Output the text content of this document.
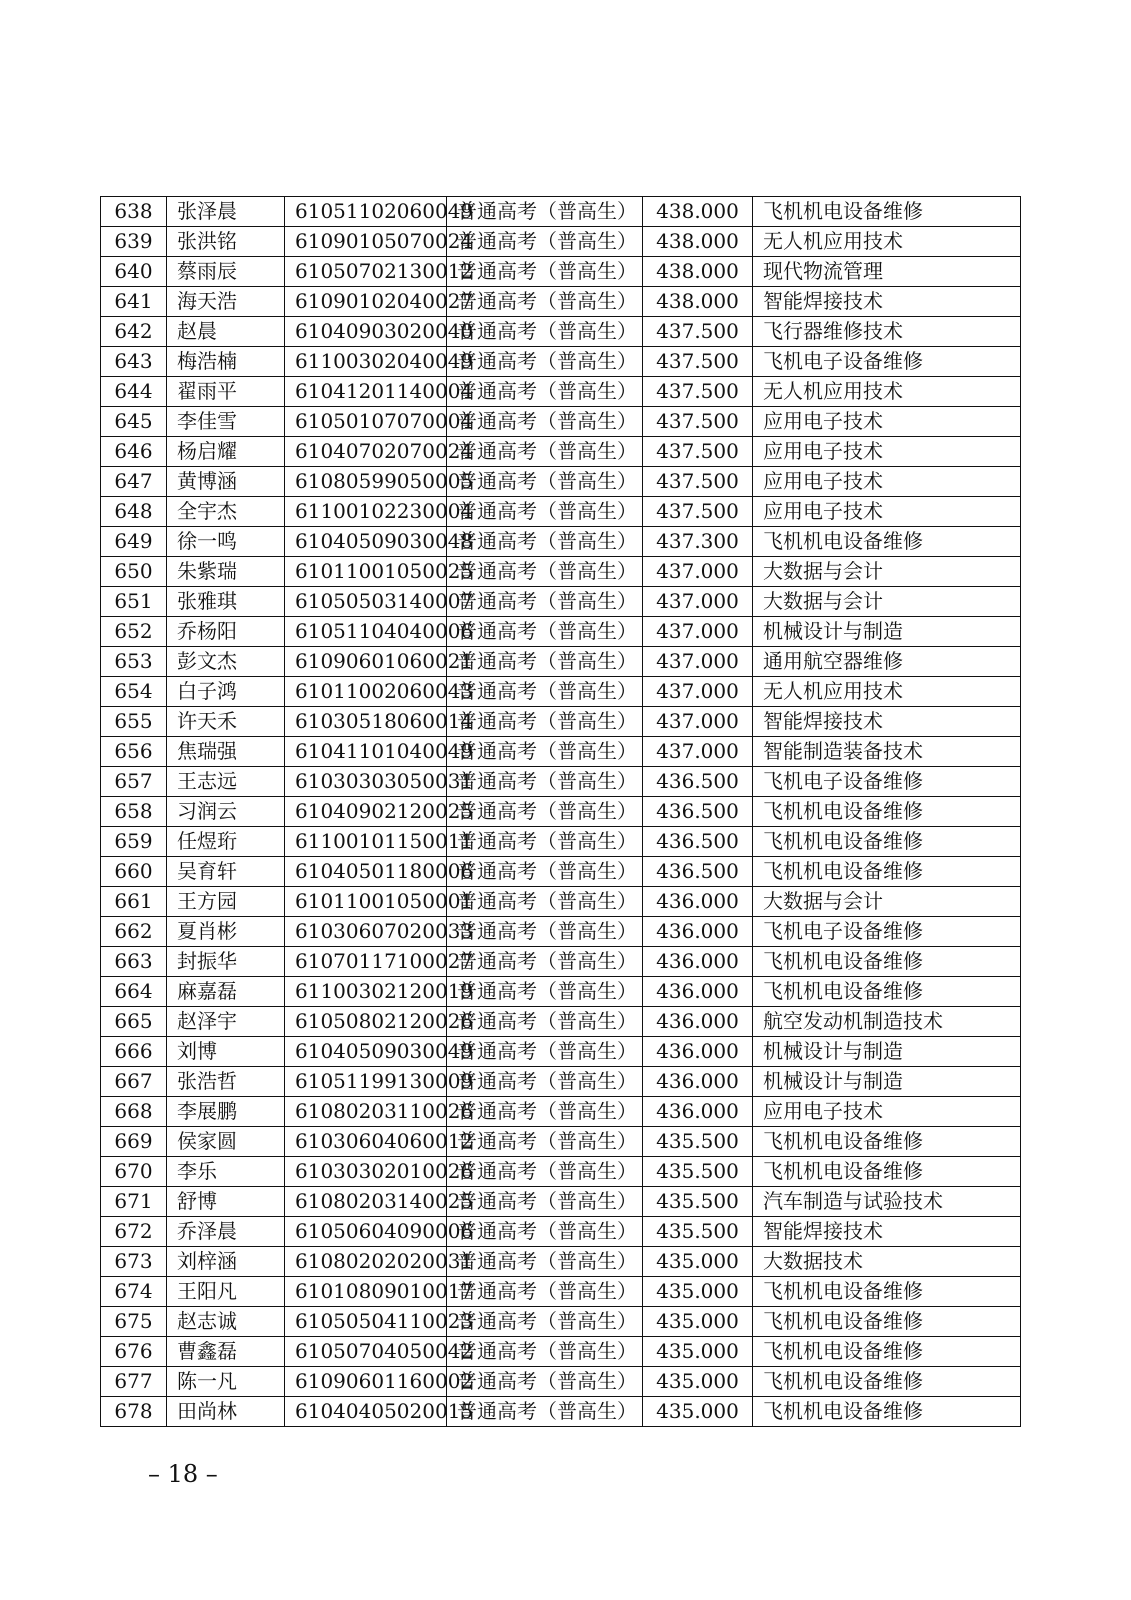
638	张泽晨	61051102060049	普通高考（普高生）	438.000	飞机机电设备维修
639	张洪铭	61090105070024	普通高考（普高生）	438.000	无人机应用技术
640	蔡雨辰	61050702130012	普通高考（普高生）	438.000	现代物流管理
641	海天浩	61090102040027	普通高考（普高生）	438.000	智能焊接技术
642	赵晨	61040903020040	普通高考（普高生）	437.500	飞行器维修技术
643	梅浩楠	61100302040049	普通高考（普高生）	437.500	飞机电子设备维修
644	翟雨平	61041201140004	普通高考（普高生）	437.500	无人机应用技术
645	李佳雪	61050107070004	普通高考（普高生）	437.500	应用电子技术
646	杨启耀	61040702070024	普通高考（普高生）	437.500	应用电子技术
647	黄博涵	61080599050005	普通高考（普高生）	437.500	应用电子技术
648	全宇杰	61100102230004	普通高考（普高生）	437.500	应用电子技术
649	徐一鸣	61040509030048	普通高考（普高生）	437.300	飞机机电设备维修
650	朱紫瑞	61011001050025	普通高考（普高生）	437.000	大数据与会计
651	张雅琪	61050503140007	普通高考（普高生）	437.000	大数据与会计
652	乔杨阳	61051104040006	普通高考（普高生）	437.000	机械设计与制造
653	彭文杰	61090601060021	普通高考（普高生）	437.000	通用航空器维修
654	白子鸿	61011002060043	普通高考（普高生）	437.000	无人机应用技术
655	许天禾	61030518060014	普通高考（普高生）	437.000	智能焊接技术
656	焦瑞强	61041101040049	普通高考（普高生）	437.000	智能制造装备技术
657	王志远	61030303050031	普通高考（普高生）	436.500	飞机电子设备维修
658	习润云	61040902120025	普通高考（普高生）	436.500	飞机机电设备维修
659	任煜珩	61100101150011	普通高考（普高生）	436.500	飞机机电设备维修
660	吴育轩	61040501180006	普通高考（普高生）	436.500	飞机机电设备维修
661	王方园	61011001050001	普通高考（普高生）	436.000	大数据与会计
662	夏肖彬	61030607020033	普通高考（普高生）	436.000	飞机电子设备维修
663	封振华	61070117100027	普通高考（普高生）	436.000	飞机机电设备维修
664	麻嘉磊	61100302120019	普通高考（普高生）	436.000	飞机机电设备维修
665	赵泽宇	61050802120026	普通高考（普高生）	436.000	航空发动机制造技术
666	刘博	61040509030049	普通高考（普高生）	436.000	机械设计与制造
667	张浩哲	61051199130009	普通高考（普高生）	436.000	机械设计与制造
668	李展鹏	61080203110026	普通高考（普高生）	436.000	应用电子技术
669	侯家圆	61030604060012	普通高考（普高生）	435.500	飞机机电设备维修
670	李乐	61030302010026	普通高考（普高生）	435.500	飞机机电设备维修
671	舒博	61080203140025	普通高考（普高生）	435.500	汽车制造与试验技术
672	乔泽晨	61050604090006	普通高考（普高生）	435.500	智能焊接技术
673	刘梓涵	61080202020031	普通高考（普高生）	435.000	大数据技术
674	王阳凡	61010809010017	普通高考（普高生）	435.000	飞机机电设备维修
675	赵志诚	61050504110023	普通高考（普高生）	435.000	飞机机电设备维修
676	曹鑫磊	61050704050042	普通高考（普高生）	435.000	飞机机电设备维修
677	陈一凡	61090601160002	普通高考（普高生）	435.000	飞机机电设备维修
678	田尚林	61040405020015	普通高考（普高生）	435.000	飞机机电设备维修
– 18 –
